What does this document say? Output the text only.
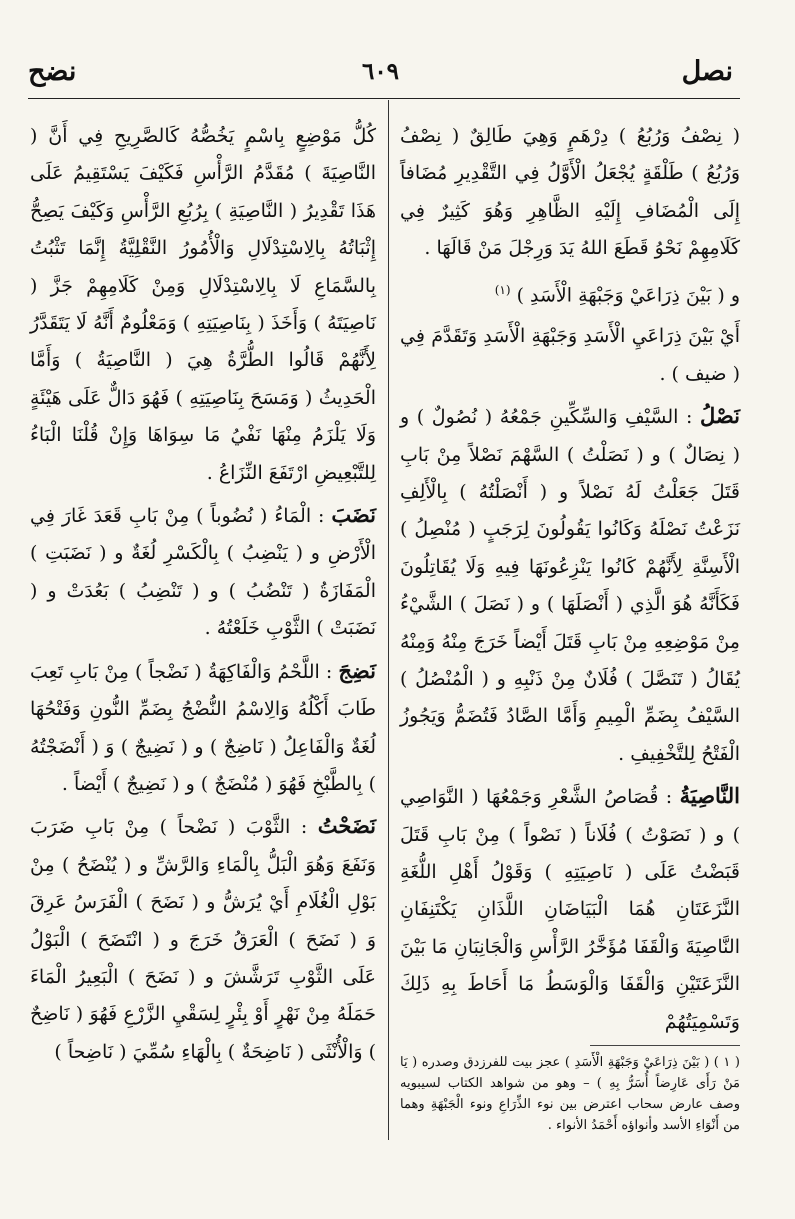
نصل
٦٠٩
نضح

( نِصْفُ وَرُبُعُ ) دِرْهَمٍ وَهِيَ طَالِقٌ ( نِصْفُ وَرُبُعُ ) طَلْقَةٍ يُجْعَلُ الْأَوَّلُ فِي التَّقْدِيرِ مُضَافاً إِلَى الْمُضَافِ إِلَيْهِ الظَّاهِرِ وَهُوَ كَثِيرٌ فِي كَلَامِهِمْ نَحْوُ قَطَعَ اللهُ يَدَ وَرِجْلَ مَنْ قَالَهَا .

و ( بَيْنَ ذِرَاعَيْ وَجَبْهَةِ الْأَسَدِ ) $^{(١)}$

أَيْ بَيْنَ ذِرَاعَيِ الْأَسَدِ وَجَبْهَةِ الْأَسَدِ وَتَقَدَّمَ فِي ( ضيف ) .

نَصْلُ : السَّيْفِ وَالسِّكِّينِ جَمْعُهُ ( نُصُولٌ ) و ( نِصَالٌ ) و ( نَصَلْتُ ) السَّهْمَ نَصْلاً مِنْ بَابِ قَتَلَ جَعَلْتُ لَهُ نَصْلاً و ( أَنْصَلْتُهُ ) بِالْأَلِفِ نَزَعْتُ نَصْلَهُ وَكَانُوا يَقُولُونَ لِرَجَبٍ ( مُنْصِلُ ) الْأَسِنَّةِ لِأَنَّهُمْ كَانُوا يَنْزِعُونَهَا فِيهِ وَلَا يُقَاتِلُونَ فَكَأَنَّهُ هُوَ الَّذِي ( أَنْصَلَهَا ) و ( نَصَلَ ) الشَّيْءُ مِنْ مَوْضِعِهِ مِنْ بَابِ قَتَلَ أَيْضاً خَرَجَ مِنْهُ وَمِنْهُ يُقَالُ ( تَنَصَّلَ ) فُلَانٌ مِنْ ذَنْبِهِ و ( الْمُنْصُلُ ) السَّيْفُ بِضَمِّ الْمِيمِ وَأَمَّا الصَّادُ فَتُضَمُّ وَيَجُوزُ الْفَتْحُ لِلتَّخْفِيفِ .

النَّاصِيَةُ : قُصَاصُ الشَّعْرِ وَجَمْعُهَا ( النَّوَاصِي ) و ( نَصَوْتُ ) فُلَاناً ( نَصْواً ) مِنْ بَابِ قَتَلَ قَبَضْتُ عَلَى ( نَاصِيَتِهِ ) وَقَوْلُ أَهْلِ اللُّغَةِ النَّزَعَتَانِ هُمَا الْبَيَاضَانِ اللَّذَانِ يَكْتَنِفَانِ النَّاصِيَةَ وَالْقَفَا مُؤَخَّرُ الرَّأْسِ وَالْجَانِبَانِ مَا بَيْنَ النَّزَعَتَيْنِ وَالْقَفَا وَالْوَسَطُ مَا أَحَاطَ بِهِ ذَلِكَ وَتَسْمِيَتُهُمْ

( ١ ) ( بَيْنَ ذِرَاعَيْ وَجَبْهَةِ الْأَسَدِ ) عجز بيت للفرزدق وصدره ( يَا مَنْ رَأَى عَارِضاً أُسَرُّ بِهِ ) – وهو من شواهد الكتاب لسيبويه وصف عارض سحاب اعترض بين نوء الذِّرَاعِ ونوء الْجَبْهَةِ وهما من أَنْوَاءِ الأسد وأنواؤه أَحْمَدُ الأنواء .

كُلُّ مَوْضِعٍ بِاسْمٍ يَخُصُّهُ كَالصَّرِيحِ فِي أَنَّ ( النَّاصِيَةَ ) مُقَدَّمُ الرَّأْسِ فَكَيْفَ يَسْتَقِيمُ عَلَى هَذَا تَقْدِيرُ ( النَّاصِيَةِ ) بِرُبُعِ الرَّأْسِ وَكَيْفَ يَصِحُّ إِثْبَاتُهُ بِالِاسْتِدْلَالِ وَالْأُمُورُ النَّقْلِيَّةُ إِنَّمَا تَثْبُتُ بِالسَّمَاعِ لَا بِالِاسْتِدْلَالِ وَمِنْ كَلَامِهِمْ جَزَّ ( نَاصِيَتَهُ ) وَأَخَذَ ( بِنَاصِيَتِهِ ) وَمَعْلُومٌ أَنَّهُ لَا يَتَقَدَّرُ لِأَنَّهُمْ قَالُوا الطُّرَّةُ هِيَ ( النَّاصِيَةُ ) وَأَمَّا الْحَدِيثُ ( وَمَسَحَ بِنَاصِيَتِهِ ) فَهُوَ دَالٌّ عَلَى هَيْئَةٍ وَلَا يَلْزَمُ مِنْهَا نَفْيُ مَا سِوَاهَا وَإِنْ قُلْنَا الْبَاءُ لِلتَّبْعِيضِ ارْتَفَعَ النِّزَاعُ .

نَضَبَ : الْمَاءُ ( نُضُوباً ) مِنْ بَابِ قَعَدَ غَارَ فِي الْأَرْضِ و ( يَنْضِبُ ) بِالْكَسْرِ لُغَةٌ و ( نَضَبَتِ ) الْمَفَازَةُ ( تَنْضُبُ ) و ( تَنْضِبُ ) بَعُدَتْ و ( نَضَبَتْ ) الثَّوْبِ خَلَعْتُهُ .

نَضِجَ : اللَّحْمُ وَالْفَاكِهَةُ ( نَضْجاً ) مِنْ بَابِ تَعِبَ طَابَ أَكْلُهُ وَالِاسْمُ النُّضْجُ بِضَمِّ النُّونِ وَفَتْحُهَا لُغَةٌ وَالْفَاعِلُ ( نَاضِجٌ ) و ( نَضِيجٌ ) وَ ( أَنْضَجْتُهُ ) بِالطَّبْخِ فَهُوَ ( مُنْضَجٌ ) و ( نَضِيجٌ ) أَيْضاً .

نَضَحْتُ : الثَّوْبَ ( نَضْحاً ) مِنْ بَابِ ضَرَبَ وَنَفَعَ وَهُوَ الْبَلُّ بِالْمَاءِ وَالرَّشِّ و ( يُنْضَحُ ) مِنْ بَوْلِ الْغُلَامِ أَيْ يُرَشُّ و ( نَضَحَ ) الْفَرَسُ عَرِقَ وَ ( نَضَحَ ) الْعَرَقُ خَرَجَ و ( انْتَضَحَ ) الْبَوْلُ عَلَى الثَّوْبِ تَرَشَّشَ و ( نَضَحَ ) الْبَعِيرُ الْمَاءَ حَمَلَهُ مِنْ نَهْرٍ أَوْ بِئْرٍ لِسَقْيِ الزَّرْعِ فَهُوَ ( نَاضِحٌ ) وَالْأُنْثَى ( نَاضِحَةٌ ) بِالْهَاءِ سُمِّيَ ( نَاضِحاً )
